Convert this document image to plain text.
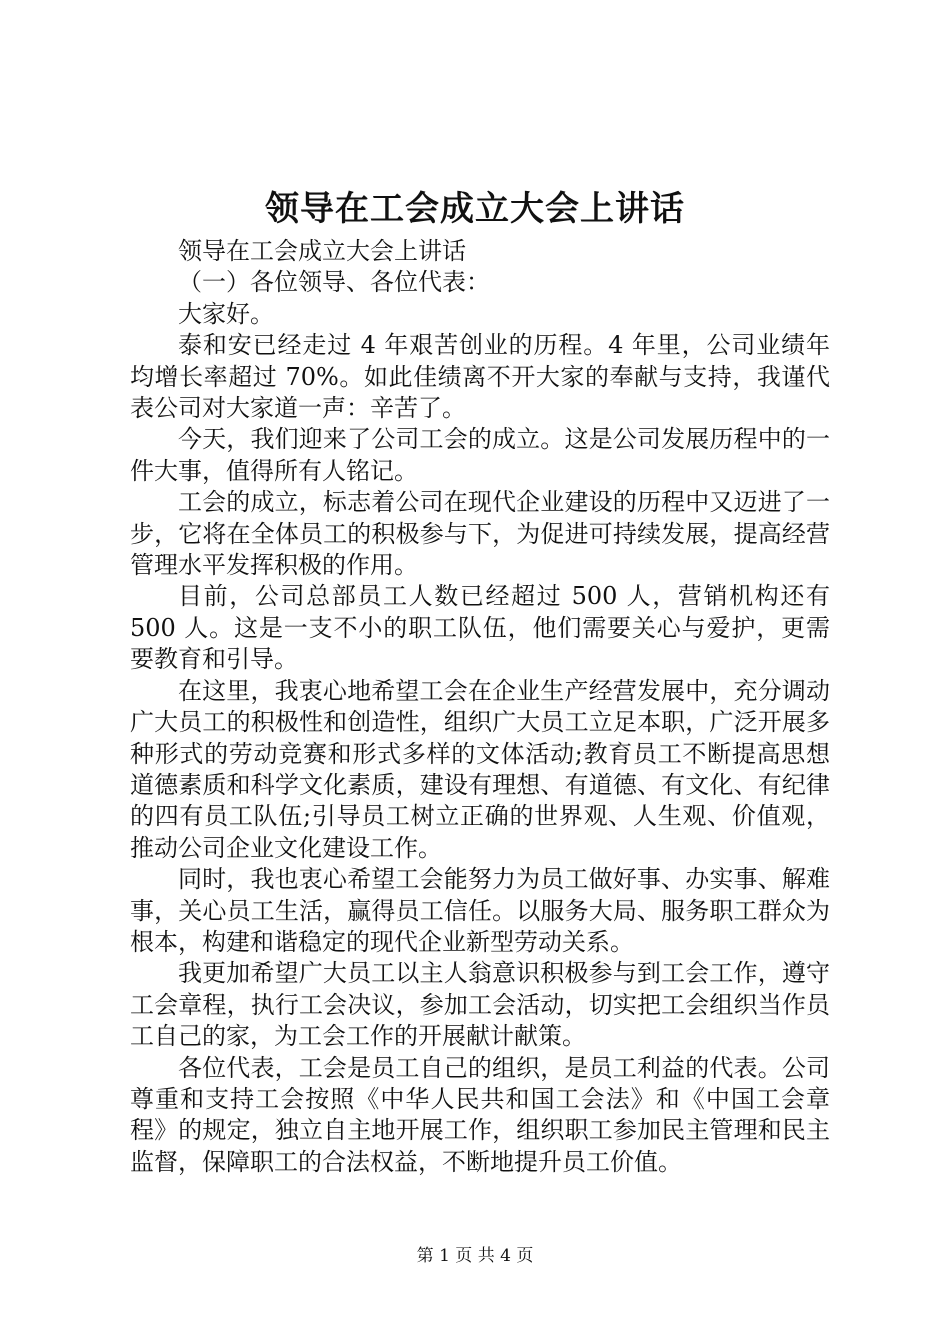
领导在工会成立大会上讲话

领导在工会成立大会上讲话

（一）各位领导、各位代表：

大家好。

泰和安已经走过 4 年艰苦创业的历程。4 年里，公司业绩年均增长率超过 70%。如此佳绩离不开大家的奉献与支持，我谨代表公司对大家道一声：辛苦了。

今天，我们迎来了公司工会的成立。这是公司发展历程中的一件大事，值得所有人铭记。

工会的成立，标志着公司在现代企业建设的历程中又迈进了一步，它将在全体员工的积极参与下，为促进可持续发展，提高经营管理水平发挥积极的作用。

目前，公司总部员工人数已经超过 500 人，营销机构还有 500 人。这是一支不小的职工队伍，他们需要关心与爱护，更需要教育和引导。

在这里，我衷心地希望工会在企业生产经营发展中，充分调动广大员工的积极性和创造性，组织广大员工立足本职，广泛开展多种形式的劳动竞赛和形式多样的文体活动;教育员工不断提高思想道德素质和科学文化素质，建设有理想、有道德、有文化、有纪律的四有员工队伍;引导员工树立正确的世界观、人生观、价值观，推动公司企业文化建设工作。

同时，我也衷心希望工会能努力为员工做好事、办实事、解难事，关心员工生活，赢得员工信任。以服务大局、服务职工群众为根本，构建和谐稳定的现代企业新型劳动关系。

我更加希望广大员工以主人翁意识积极参与到工会工作，遵守工会章程，执行工会决议，参加工会活动，切实把工会组织当作员工自己的家，为工会工作的开展献计献策。

各位代表，工会是员工自己的组织，是员工利益的代表。公司尊重和支持工会按照《中华人民共和国工会法》和《中国工会章程》的规定，独立自主地开展工作，组织职工参加民主管理和民主监督，保障职工的合法权益，不断地提升员工价值。

第 1 页 共 4 页
